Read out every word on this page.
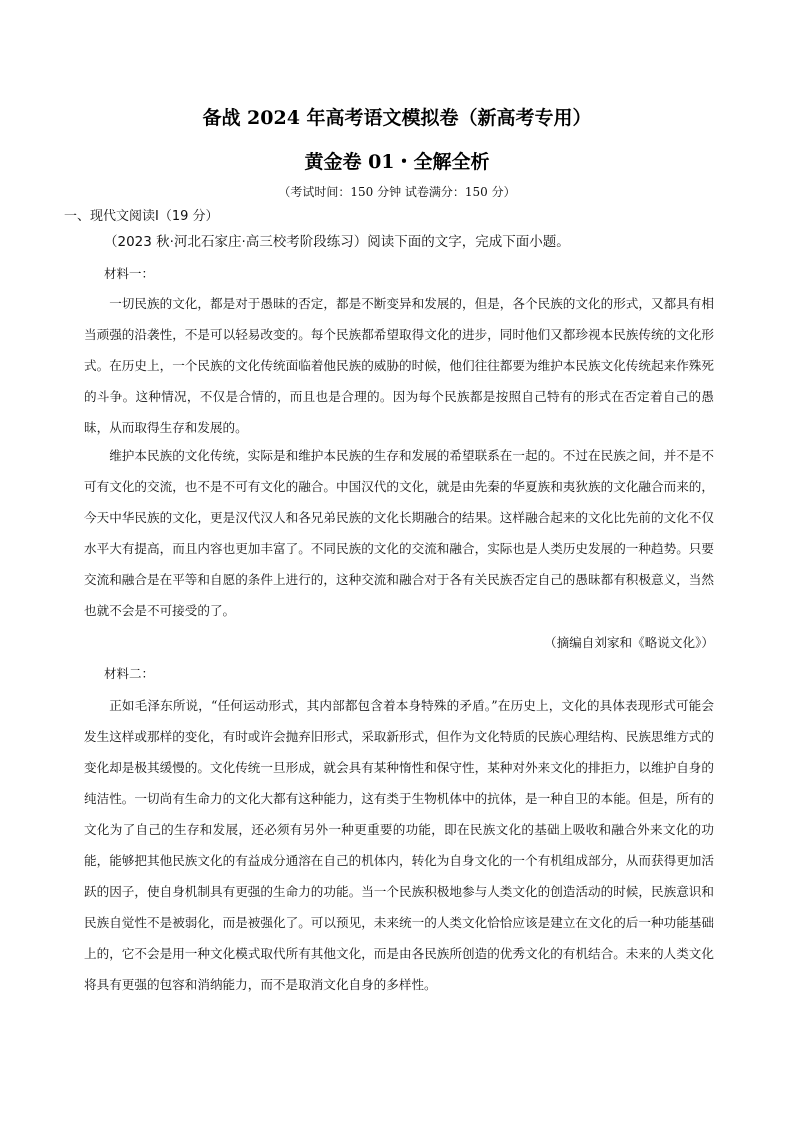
备战 2024 年高考语文模拟卷（新高考专用）
黄金卷 01・全解全析
（考试时间：150 分钟 试卷满分：150 分）
一、现代文阅读Ⅰ（19 分）
（2023 秋·河北石家庄·高三校考阶段练习）阅读下面的文字，完成下面小题。
材料一：

一切民族的文化，都是对于愚昧的否定，都是不断变异和发展的，但是，各个民族的文化的形式，又都具有相当顽强的沿袭性，不是可以轻易改变的。每个民族都希望取得文化的进步，同时他们又都珍视本民族传统的文化形式。在历史上，一个民族的文化传统面临着他民族的威胁的时候，他们往往都要为维护本民族文化传统起来作殊死的斗争。这种情况，不仅是合情的，而且也是合理的。因为每个民族都是按照自己特有的形式在否定着自己的愚昧，从而取得生存和发展的。

维护本民族的文化传统，实际是和维护本民族的生存和发展的希望联系在一起的。不过在民族之间，并不是不可有文化的交流，也不是不可有文化的融合。中国汉代的文化，就是由先秦的华夏族和夷狄族的文化融合而来的，今天中华民族的文化，更是汉代汉人和各兄弟民族的文化长期融合的结果。这样融合起来的文化比先前的文化不仅水平大有提高，而且内容也更加丰富了。不同民族的文化的交流和融合，实际也是人类历史发展的一种趋势。只要交流和融合是在平等和自愿的条件上进行的，这种交流和融合对于各有关民族否定自己的愚昧都有积极意义，当然也就不会是不可接受的了。

（摘编自刘家和《略说文化》）
材料二：

正如毛泽东所说，“任何运动形式，其内部都包含着本身特殊的矛盾。”在历史上，文化的具体表现形式可能会发生这样或那样的变化，有时或许会抛弃旧形式，采取新形式，但作为文化特质的民族心理结构、民族思维方式的变化却是极其缓慢的。文化传统一旦形成，就会具有某种惰性和保守性，某种对外来文化的排拒力，以维护自身的纯洁性。一切尚有生命力的文化大都有这种能力，这有类于生物机体中的抗体，是一种自卫的本能。但是，所有的文化为了自己的生存和发展，还必须有另外一种更重要的功能，即在民族文化的基础上吸收和融合外来文化的功能，能够把其他民族文化的有益成分通溶在自己的机体内，转化为自身文化的一个有机组成部分，从而获得更加活跃的因子，使自身机制具有更强的生命力的功能。当一个民族积极地参与人类文化的创造活动的时候，民族意识和民族自觉性不是被弱化，而是被强化了。可以预见，未来统一的人类文化恰恰应该是建立在文化的后一种功能基础上的，它不会是用一种文化模式取代所有其他文化，而是由各民族所创造的优秀文化的有机结合。未来的人类文化将具有更强的包容和消纳能力，而不是取消文化自身的多样性。
